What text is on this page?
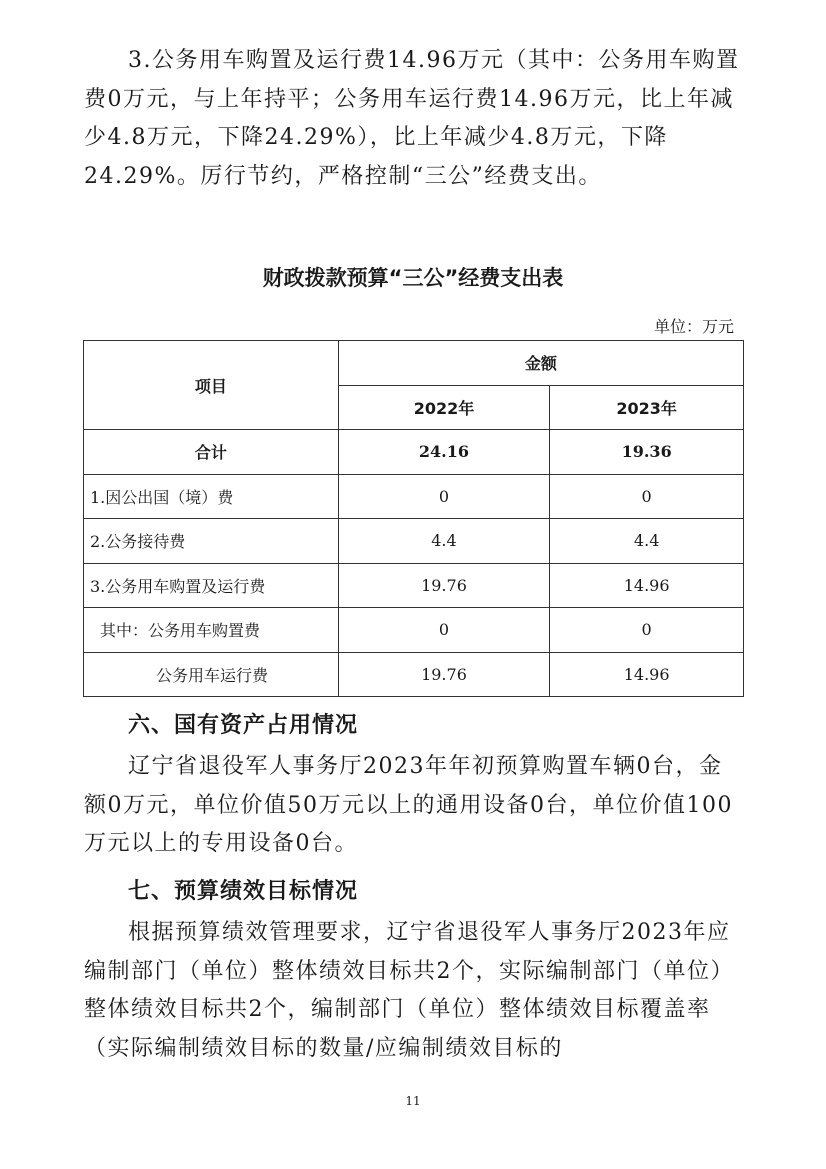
3.公务用车购置及运行费14.96万元（其中：公务用车购置费0万元，与上年持平；公务用车运行费14.96万元，比上年减少4.8万元，下降24.29%），比上年减少4.8万元，下降24.29%。厉行节约，严格控制“三公”经费支出。

财政拨款预算“三公”经费支出表
单位：万元
项目	金额	
	2022年	2023年
合计	24.16	19.36
1.因公出国（境）费	0	0
2.公务接待费	4.4	4.4
3.公务用车购置及运行费	19.76	14.96
其中：公务用车购置费	0	0
公务用车运行费	19.76	14.96
六、国有资产占用情况

辽宁省退役军人事务厅2023年年初预算购置车辆0台，金额0万元，单位价值50万元以上的通用设备0台，单位价值100万元以上的专用设备0台。

七、预算绩效目标情况

根据预算绩效管理要求，辽宁省退役军人事务厅2023年应编制部门（单位）整体绩效目标共2个，实际编制部门（单位）整体绩效目标共2个，编制部门（单位）整体绩效目标覆盖率（实际编制绩效目标的数量/应编制绩效目标的

11
